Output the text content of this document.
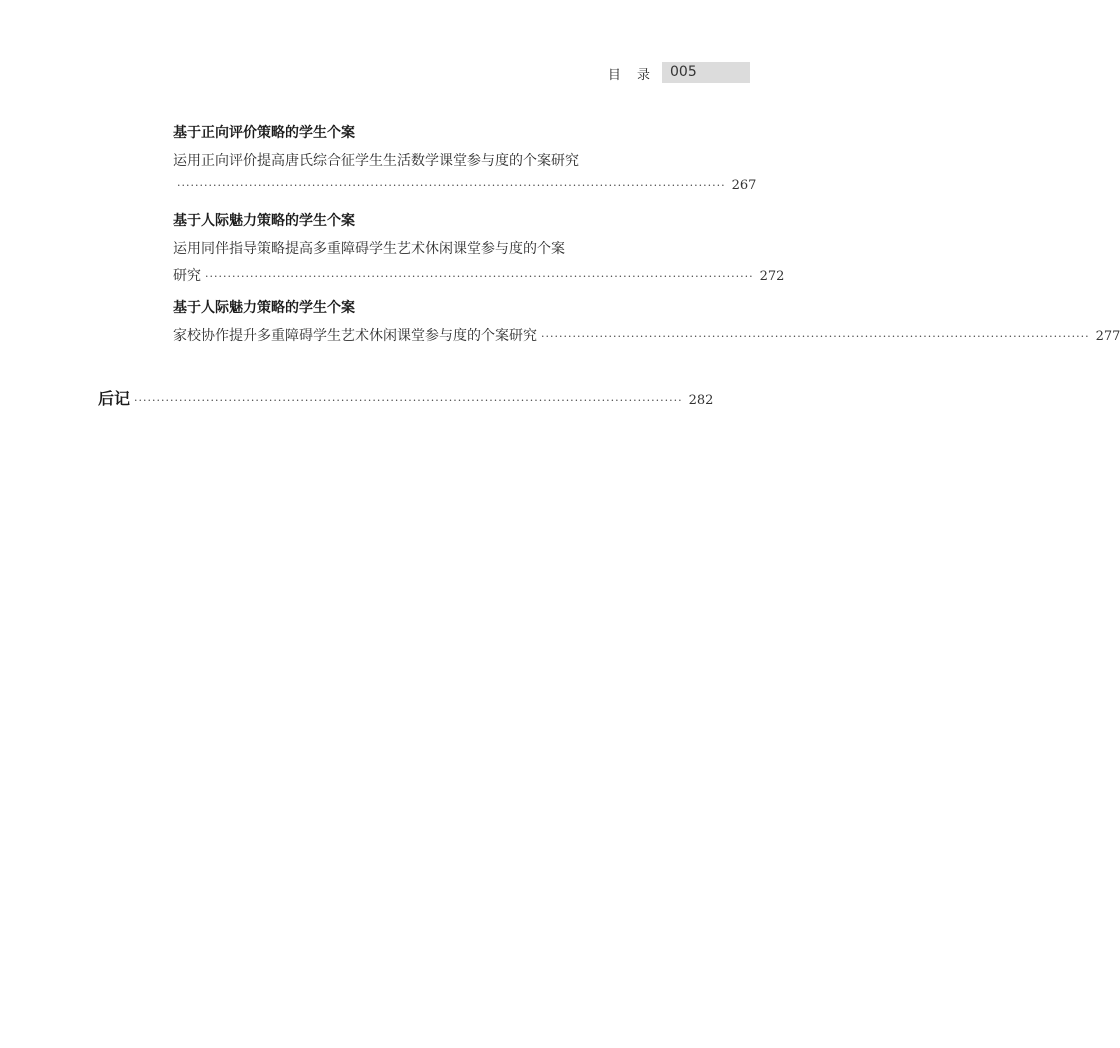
目 录 005
基于正向评价策略的学生个案
运用正向评价提高唐氏综合征学生生活数学课堂参与度的个案研究
·························································································································· 267
基于人际魅力策略的学生个案
运用同伴指导策略提高多重障碍学生艺术休闲课堂参与度的个案
研究 ·························································································································· 272
基于人际魅力策略的学生个案
家校协作提升多重障碍学生艺术休闲课堂参与度的个案研究 ·························································································································· 277
后记 ·························································································································· 282
